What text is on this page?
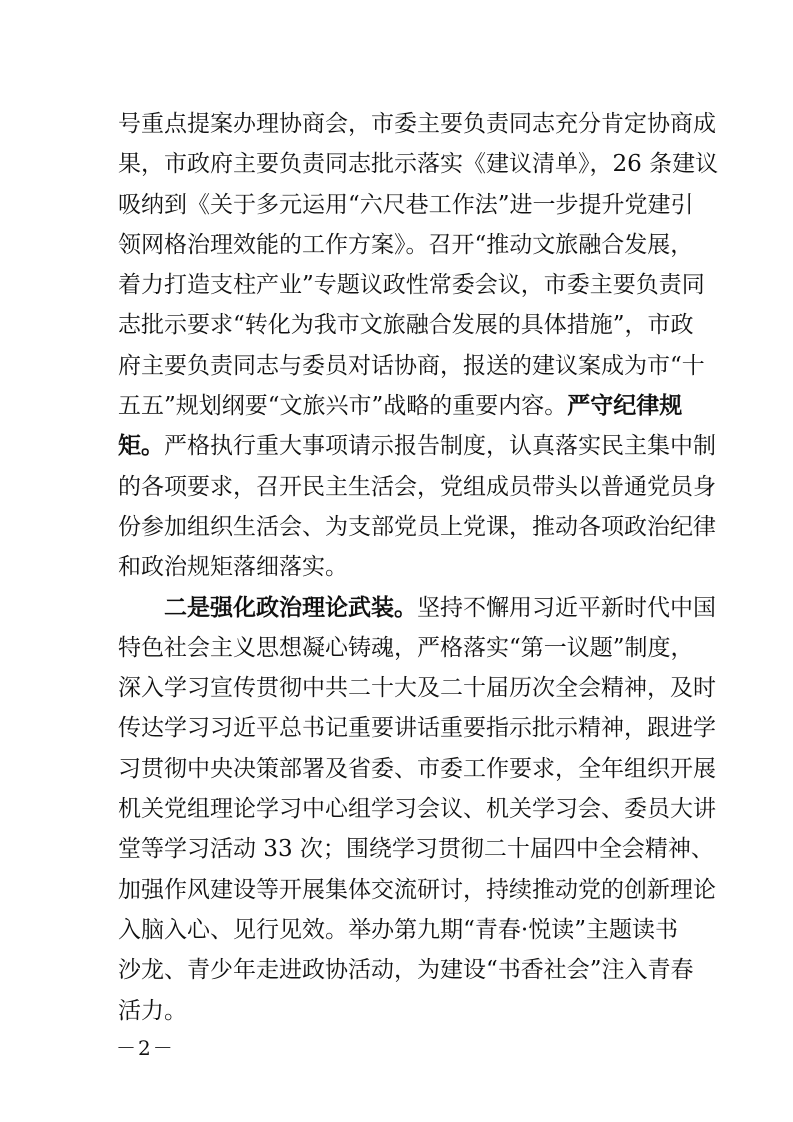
号重点提案办理协商会，市委主要负责同志充分肯定协商成
果，市政府主要负责同志批示落实《建议清单》，26 条建议
吸纳到《关于多元运用“六尺巷工作法”进一步提升党建引
领网格治理效能的工作方案》。召开“推动文旅融合发展，
着力打造支柱产业”专题议政性常委会议，市委主要负责同
志批示要求“转化为我市文旅融合发展的具体措施”，市政
府主要负责同志与委员对话协商，报送的建议案成为市“十
五五”规划纲要“文旅兴市”战略的重要内容。严守纪律规
矩。严格执行重大事项请示报告制度，认真落实民主集中制
的各项要求，召开民主生活会，党组成员带头以普通党员身
份参加组织生活会、为支部党员上党课，推动各项政治纪律
和政治规矩落细落实。
二是强化政治理论武装。坚持不懈用习近平新时代中国
特色社会主义思想凝心铸魂，严格落实“第一议题”制度，
深入学习宣传贯彻中共二十大及二十届历次全会精神，及时
传达学习习近平总书记重要讲话重要指示批示精神，跟进学
习贯彻中央决策部署及省委、市委工作要求，全年组织开展
机关党组理论学习中心组学习会议、机关学习会、委员大讲
堂等学习活动 33 次；围绕学习贯彻二十届四中全会精神、
加强作风建设等开展集体交流研讨，持续推动党的创新理论
入脑入心、见行见效。举办第九期“青春·悦读”主题读书
沙龙、青少年走进政协活动，为建设“书香社会”注入青春
活力。
－2－
